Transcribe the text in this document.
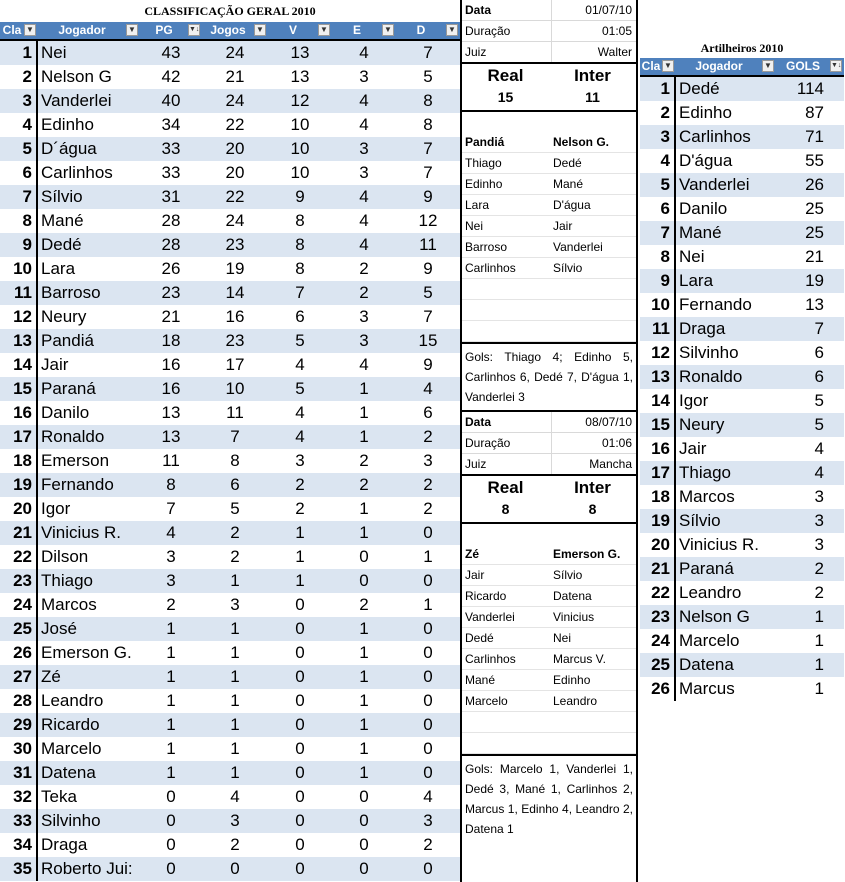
CLASSIFICAÇÃO GERAL 2010
Cla ▼	Jogador	▼	PG ▼↓ Jogos ▼	V	▼	E	▼	D	▼
1 Nei	43	24	13	4	7
2 Nelson G	42	21	13	3	5
3 Vanderlei	40	24	12	4	8
4 Edinho	34	22	10	4	8
5 D´água	33	20	10	3	7
6 Carlinhos	33	20	10	3	7
7 Sílvio	31	22	9	4	9
8 Mané	28	24	8	4	12
9 Dedé	28	23	8	4	11
10 Lara	26	19	8	2	9
11 Barroso	23	14	7	2	5
12 Neury	21	16	6	3	7
13 Pandiá	18	23	5	3	15
14 Jair	16	17	4	4	9
15 Paraná	16	10	5	1	4
16 Danilo	13	11	4	1	6
17 Ronaldo	13	7	4	1	2
18 Emerson	11	8	3	2	3
19 Fernando	8	6	2	2	2
20 Igor	7	5	2	1	2
21 Vinicius R.	4	2	1	1	0
22 Dilson	3	2	1	0	1
23 Thiago	3	1	1	0	0
24 Marcos	2	3	0	2	1
25 José	1	1	0	1	0
26 Emerson G.	1	1	0	1	0
27 Zé	1	1	0	1	0
28 Leandro	1	1	0	1	0
29 Ricardo	1	1	0	1	0
30 Marcelo	1	1	0	1	0
31 Datena	1	1	0	1	0
32 Teka	0	4	0	0	4
33 Silvinho	0	3	0	0	3
34 Draga	0	2	0	0	2
35 Roberto Jui:	0	0	0	0	0
Data	01/07/10
Duração	01:05
Juiz	Walter
Real
15
Inter
11
Pandiá	Nelson G.
Thiago	Dedé
Edinho	Mané
Lara	D'água
Nei	Jair
Barroso	Vanderlei
Carlinhos	Sílvio
Gols: Thiago 4; Edinho 5, Carlinhos 6, Dedé 7, D'água 1, Vanderlei 3
Data	08/07/10
Duração	01:06
Juiz	Mancha
Real
8
Inter
8
Zé	Emerson G.
Jair	Sílvio
Ricardo	Datena
Vanderlei	Vinicius
Dedé	Nei
Carlinhos	Marcus V.
Mané	Edinho
Marcelo	Leandro
Gols: Marcelo 1, Vanderlei 1, Dedé 3, Mané 1, Carlinhos 2, Marcus 1, Edinho 4, Leandro 2, Datena 1
Artilheiros 2010
Cla ▼	Jogador	▼	GOLS ▼↓
1 Dedé	114
2 Edinho	87
3 Carlinhos	71
4 D'água	55
5 Vanderlei	26
6 Danilo	25
7 Mané	25
8 Nei	21
9 Lara	19
10 Fernando	13
11 Draga	7
12 Silvinho	6
13 Ronaldo	6
14 Igor	5
15 Neury	5
16 Jair	4
17 Thiago	4
18 Marcos	3
19 Sílvio	3
20 Vinicius R.	3
21 Paraná	2
22 Leandro	2
23 Nelson G	1
24 Marcelo	1
25 Datena	1
26 Marcus	1
